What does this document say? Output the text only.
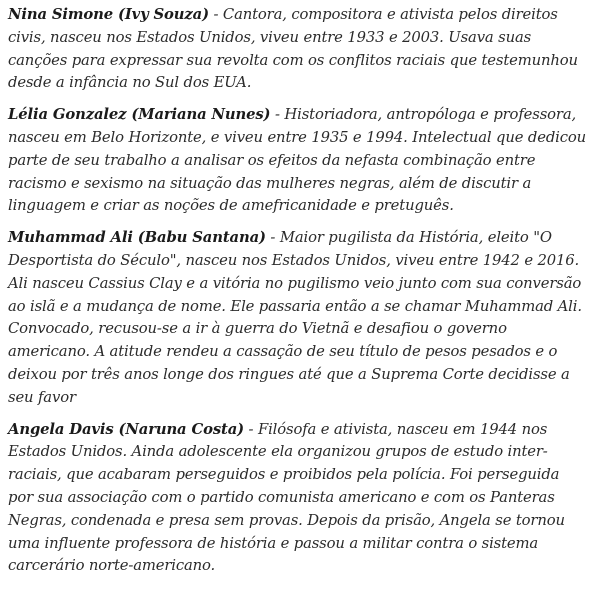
Nina Simone (Ivy Souza) - Cantora, compositora e ativista pelos direitos civis, nasceu nos Estados Unidos, viveu entre 1933 e 2003. Usava suas canções para expressar sua revolta com os conflitos raciais que testemunhou desde a infância no Sul dos EUA.

Lélia Gonzalez (Mariana Nunes) - Historiadora, antropóloga e professora, nasceu em Belo Horizonte, e viveu entre 1935 e 1994. Intelectual que dedicou parte de seu trabalho a analisar os efeitos da nefasta combinação entre racismo e sexismo na situação das mulheres negras, além de discutir a linguagem e criar as noções de amefricanidade e pretuguês.

Muhammad Ali (Babu Santana) - Maior pugilista da História, eleito "O Desportista do Século", nasceu nos Estados Unidos, viveu entre 1942 e 2016. Ali nasceu Cassius Clay e a vitória no pugilismo veio junto com sua conversão ao islã e a mudança de nome. Ele passaria então a se chamar Muhammad Ali. Convocado, recusou-se a ir à guerra do Vietnã e desafiou o governo americano. A atitude rendeu a cassação de seu título de pesos pesados e o deixou por três anos longe dos ringues até que a Suprema Corte decidisse a seu favor

Angela Davis (Naruna Costa) - Filósofa e ativista, nasceu em 1944 nos Estados Unidos. Ainda adolescente ela organizou grupos de estudo inter-raciais, que acabaram perseguidos e proibidos pela polícia. Foi perseguida por sua associação com o partido comunista americano e com os Panteras Negras, condenada e presa sem provas. Depois da prisão, Angela se tornou uma influente professora de história e passou a militar contra o sistema carcerário norte-americano.
